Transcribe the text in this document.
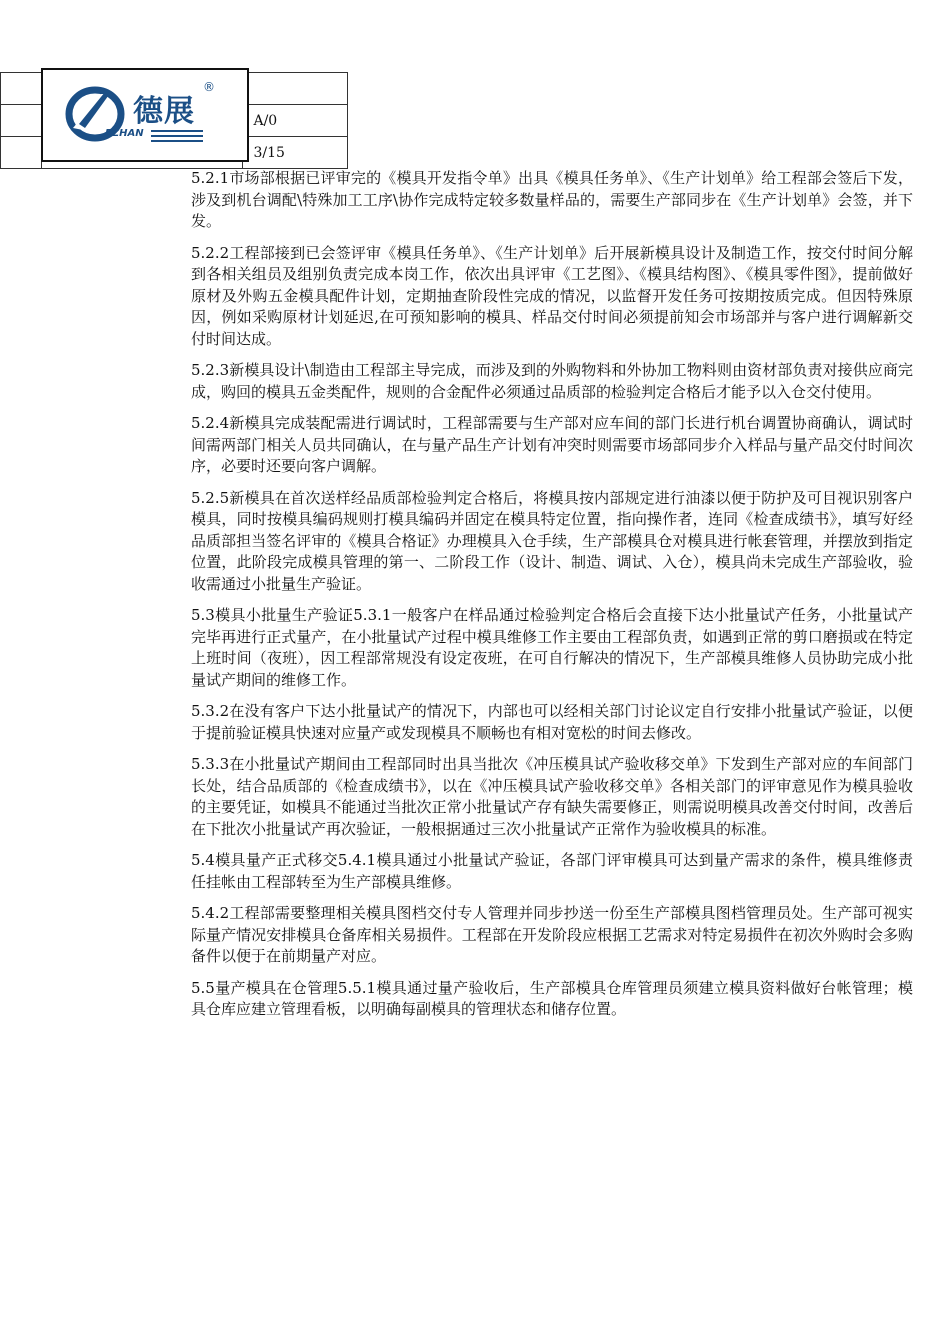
		A/0
		3/15
德展
®
EZHAN

5.2.1市场部根据已评审完的《模具开发指令单》出具《模具任务单》、《生产计划单》给工程部会签后下发，涉及到机台调配\特殊加工工序\协作完成特定较多数量样品的，需要生产部同步在《生产计划单》会签，并下发。

5.2.2工程部接到已会签评审《模具任务单》、《生产计划单》后开展新模具设计及制造工作，按交付时间分解到各相关组员及组别负责完成本岗工作，依次出具评审《工艺图》、《模具结构图》、《模具零件图》，提前做好原材及外购五金模具配件计划，定期抽查阶段性完成的情况，以监督开发任务可按期按质完成。但因特殊原因，例如采购原材计划延迟,在可预知影响的模具、样品交付时间必须提前知会市场部并与客户进行调解新交付时间达成。

5.2.3新模具设计\制造由工程部主导完成，而涉及到的外购物料和外协加工物料则由资材部负责对接供应商完成，购回的模具五金类配件，规则的合金配件必须通过品质部的检验判定合格后才能予以入仓交付使用。

5.2.4新模具完成装配需进行调试时，工程部需要与生产部对应车间的部门长进行机台调置协商确认，调试时间需两部门相关人员共同确认，在与量产品生产计划有冲突时则需要市场部同步介入样品与量产品交付时间次序，必要时还要向客户调解。

5.2.5新模具在首次送样经品质部检验判定合格后，将模具按内部规定进行油漆以便于防护及可目视识别客户模具，同时按模具编码规则打模具编码并固定在模具特定位置，指向操作者，连同《检查成绩书》，填写好经品质部担当签名评审的《模具合格证》办理模具入仓手续，生产部模具仓对模具进行帐套管理，并摆放到指定位置，此阶段完成模具管理的第一、二阶段工作（设计、制造、调试、入仓），模具尚未完成生产部验收，验收需通过小批量生产验证。

5.3模具小批量生产验证5.3.1一般客户在样品通过检验判定合格后会直接下达小批量试产任务，小批量试产完毕再进行正式量产，在小批量试产过程中模具维修工作主要由工程部负责，如遇到正常的剪口磨损或在特定上班时间（夜班），因工程部常规没有设定夜班，在可自行解决的情况下，生产部模具维修人员协助完成小批量试产期间的维修工作。

5.3.2在没有客户下达小批量试产的情况下，内部也可以经相关部门讨论议定自行安排小批量试产验证，以便于提前验证模具快速对应量产或发现模具不顺畅也有相对宽松的时间去修改。

5.3.3在小批量试产期间由工程部同时出具当批次《冲压模具试产验收移交单》下发到生产部对应的车间部门长处，结合品质部的《检查成绩书》，以在《冲压模具试产验收移交单》各相关部门的评审意见作为模具验收的主要凭证，如模具不能通过当批次正常小批量试产存有缺失需要修正，则需说明模具改善交付时间，改善后在下批次小批量试产再次验证，一般根据通过三次小批量试产正常作为验收模具的标准。

5.4模具量产正式移交5.4.1模具通过小批量试产验证，各部门评审模具可达到量产需求的条件，模具维修责任挂帐由工程部转至为生产部模具维修。

5.4.2工程部需要整理相关模具图档交付专人管理并同步抄送一份至生产部模具图档管理员处。生产部可视实际量产情况安排模具仓备库相关易损件。工程部在开发阶段应根据工艺需求对特定易损件在初次外购时会多购备件以便于在前期量产对应。

5.5量产模具在仓管理5.5.1模具通过量产验收后，生产部模具仓库管理员须建立模具资料做好台帐管理；模具仓库应建立管理看板，以明确每副模具的管理状态和储存位置。
